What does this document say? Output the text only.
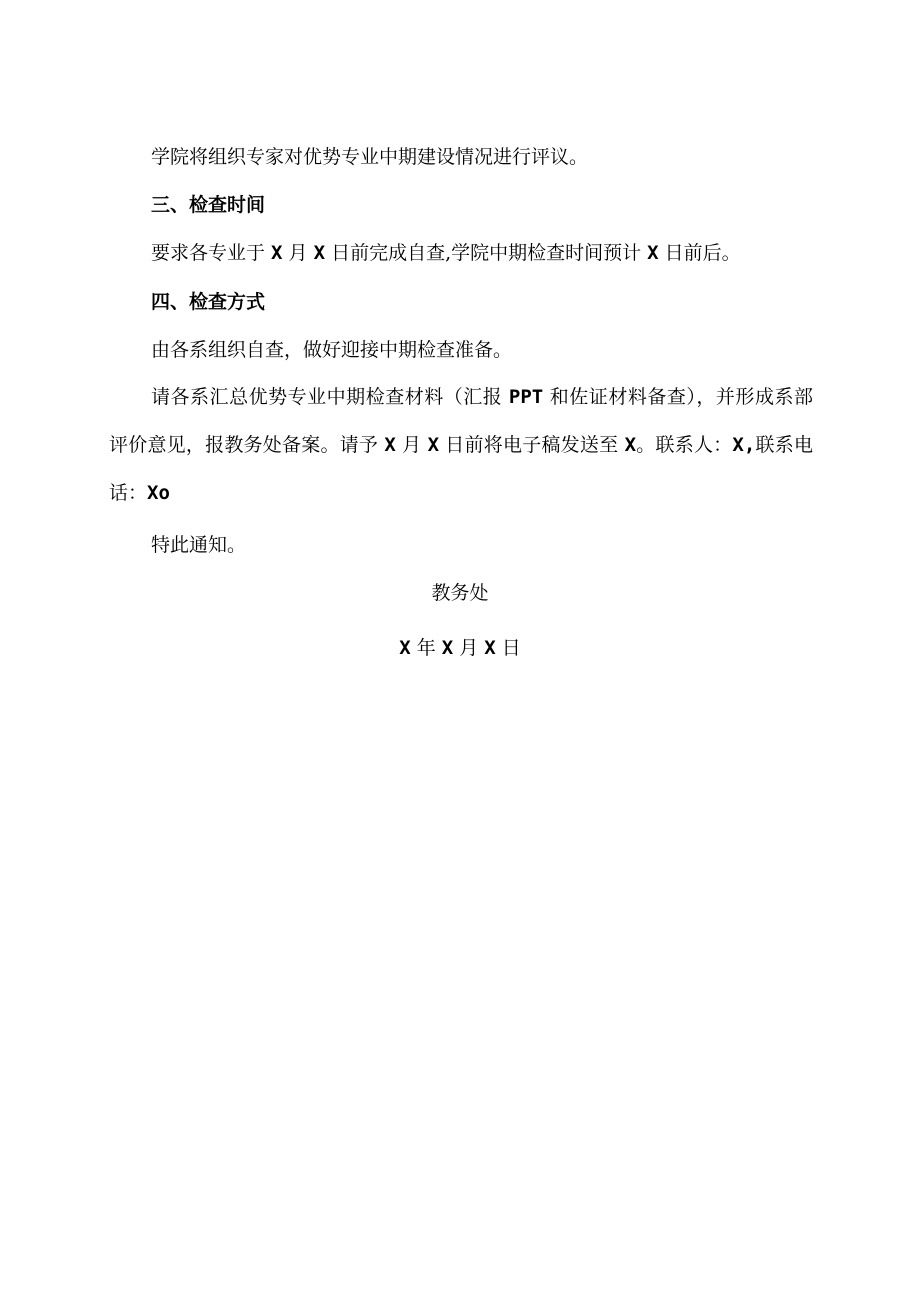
学院将组织专家对优势专业中期建设情况进行评议。
三、检查时间
要求各专业于 X 月 X 日前完成自查,学院中期检查时间预计 X 日前后。
四、检查方式
由各系组织自查，做好迎接中期检查准备。
请各系汇总优势专业中期检查材料（汇报 PPT 和佐证材料备查），并形成系部评价意见，报教务处备案。请予 X 月 X 日前将电子稿发送至 X。联系人：X,联系电话：Xo
特此通知。
教务处
X 年 X 月 X 日
